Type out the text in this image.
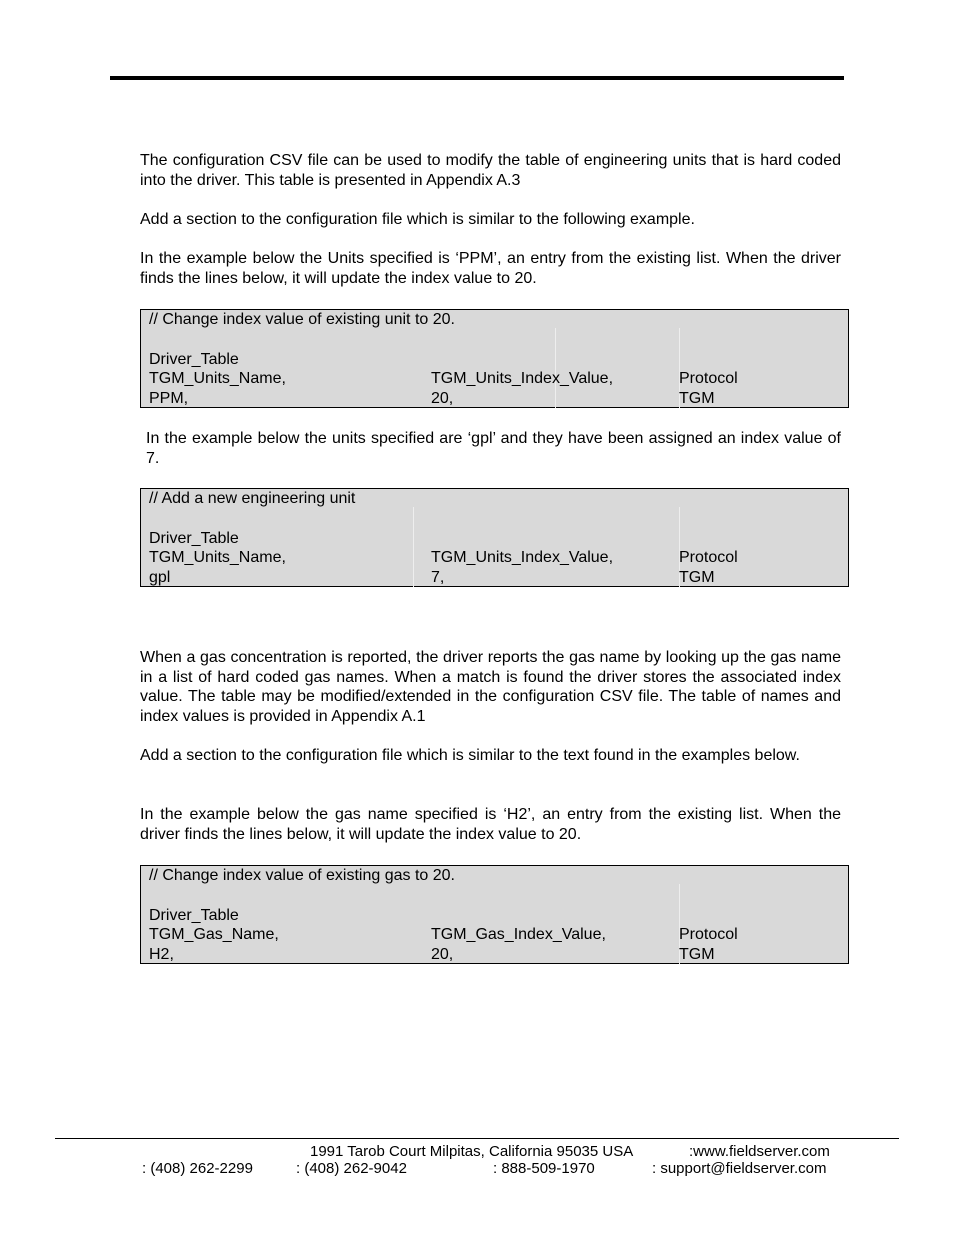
The configuration CSV file can be used to modify the table of engineering units that is hard coded into the driver. This table is presented in Appendix A.3

Add a section to the configuration file which is similar to the following example.

In the example below the Units specified is ‘PPM’, an entry from the existing list. When the driver finds the lines below, it will update the index value to 20.

// Change index value of existing unit to 20.
Driver_Table
TGM_Units_Name,	TGM_Units_Index_Value,	Protocol
PPM,	20,	TGM

In the example below the units specified are ‘gpl’ and they have been assigned an index value of 7.

// Add a new engineering unit
Driver_Table
TGM_Units_Name,	TGM_Units_Index_Value,	Protocol
gpl	7,	TGM

When a gas concentration is reported, the driver reports the gas name by looking up the gas name in a list of hard coded gas names. When a match is found the driver stores the associated index value. The table may be modified/extended in the configuration CSV file. The table of names and index values is provided in Appendix A.1

Add a section to the configuration file which is similar to the text found in the examples below.

In the example below the gas name specified is ‘H2’, an entry from the existing list. When the driver finds the lines below, it will update the index value to 20.

// Change index value of existing gas to 20.
Driver_Table
TGM_Gas_Name,	TGM_Gas_Index_Value,	Protocol
H2,	20,	TGM
1991 Tarob Court Milpitas, California 95035 USA	:www.fieldserver.com
: (408) 262-2299	: (408) 262-9042	: 888-509-1970	: support@fieldserver.com
